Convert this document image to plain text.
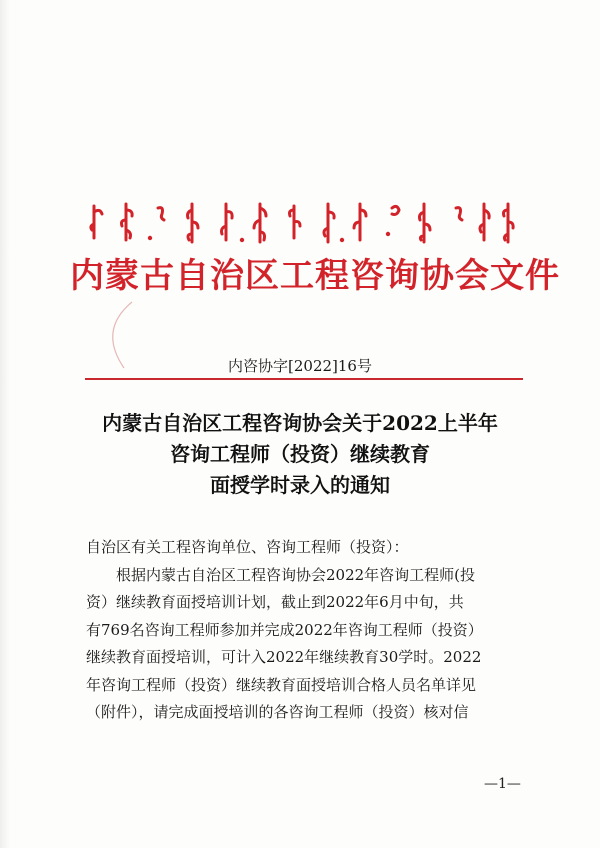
内蒙古自治区工程咨询协会文件
内咨协字[2022]16号
内蒙古自治区工程咨询协会关于2022上半年
咨询工程师（投资）继续教育
面授学时录入的通知
自治区有关工程咨询单位、咨询工程师（投资）：
根据内蒙古自治区工程咨询协会2022年咨询工程师(投
资）继续教育面授培训计划，截止到2022年6月中旬，共
有769名咨询工程师参加并完成2022年咨询工程师（投资）
继续教育面授培训，可计入2022年继续教育30学时。2022
年咨询工程师（投资）继续教育面授培训合格人员名单详见
（附件），请完成面授培训的各咨询工程师（投资）核对信
—1—
